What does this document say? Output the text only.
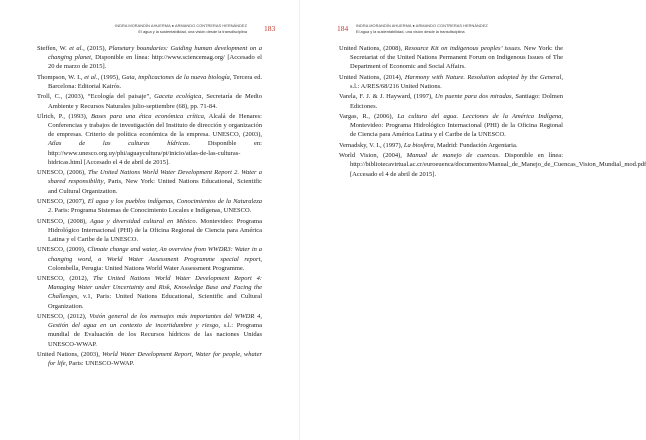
INDRA MORANDÍN AHUERMA ● ARMANDO CONTRERAS HERNÁNDEZ
El agua y la sustentabilidad, una visión desde la transdisciplina 183

Steffen, W. et al., (2015), Planetary boundaries: Guiding human development on a changing planet, Disponible en línea: http://www.sciencemag.org/ [Accesado el 20 de marzo de 2015].

Thompson, W. I., et al., (1995), Gaia, implicaciones de la nueva biología, Tercera ed. Barcelona: Editorial Kairós.

Troll, C., (2003), “Ecología del paisaje”, Gaceta ecológica, Secretaría de Medio Ambiente y Recursos Naturales julio-septiembre (68), pp. 71-84.

Ulrich, P., (1993), Bases para una ética económica crítica, Alcalá de Henares: Conferencias y trabajos de investigación del Instituto de dirección y organización de empresas. Criterio de política económica de la empresa. UNESCO, (2003), Atlas de las culturas hídricas. Disponible en: http://www.unesco.org.uy/phi/aguaycultura/pt/inicio/atlas-de-las-culturas-hidricas.html [Accesado el 4 de abril de 2015].

UNESCO, (2006), The United Nations World Water Development Report 2. Water a shared responsibility, Paris, New York: United Nations Educational, Scientific and Cultural Organization.

UNESCO, (2007), El agua y los pueblos indígenas, Conocimientos de la Naturaleza 2. Paris: Programa Sistemas de Conocimiento Locales e Indígenas, UNESCO.

UNESCO, (2008), Agua y diversidad cultural en México. Montevideo: Programa Hidrológico Internacional (PHI) de la Oficina Regional de Ciencia para América Latina y el Caribe de la UNESCO.

UNESCO, (2009), Climate change and water, An overview from WWDR3: Water in a changing word, a World Water Assessment Programme special report, Colombella, Perugia: United Nations World Water Assessment Programme.

UNESCO, (2012), The United Nations World Water Development Report 4: Managing Water under Uncertainty and Risk, Knowledge Base and Facing the Challenges, v.1, Paris: United Nations Educational, Scientific and Cultural Organization.

UNESCO, (2012), Visión general de los mensajes más importantes del WWDR 4, Gestión del agua en un contexto de incertidumbre y riesgo, s.l.: Programa mundial de Evaluación de los Recursos hídricos de las naciones Unidas UNESCO-WWAP.

United Nations, (2003), World Water Development Report, Water for people, whater for life, Paris: UNESCO-WWAP.

INDRA MORANDÍN AHUERMA ● ARMANDO CONTRERAS HERNÁNDEZ
El agua y la sustentabilidad, una visión desde la transdisciplina
184

United Nations, (2008), Resource Kit on indigenous peoples’ issues. New York: the Secretariat of the United Nations Permanent Forum on Indigenous Issues of The Department of Economic and Social Affairs.

United Nations, (2014), Harmony with Nature. Resolution adopted by the General, s.l.: A/RES/68/216 United Nations.

Varela, F. J. & J. Hayward, (1997), Un puente para dos miradas, Santiago: Dolmen Ediciones.

Vargas, R., (2006), La cultura del agua. Lecciones de la América Indígena, Montevideo: Programa Hidrológico Internacional (PHI) de la Oficina Regional de Ciencia para América Latina y el Caribe de la UNESCO.

Vernadsky, V. I., (1997), La biosfera, Madrid: Fundación Argentaria.

World Vision, (2004), Manual de manejo de cuencas. Disponible en línea: http://bibliotecavirtual.ac.cr/euroeuenca/documentos/Manual_de_Manejo_de_Cuencas_Vision_Mundial_mod.pdf [Accesado el 4 de abril de 2015].
